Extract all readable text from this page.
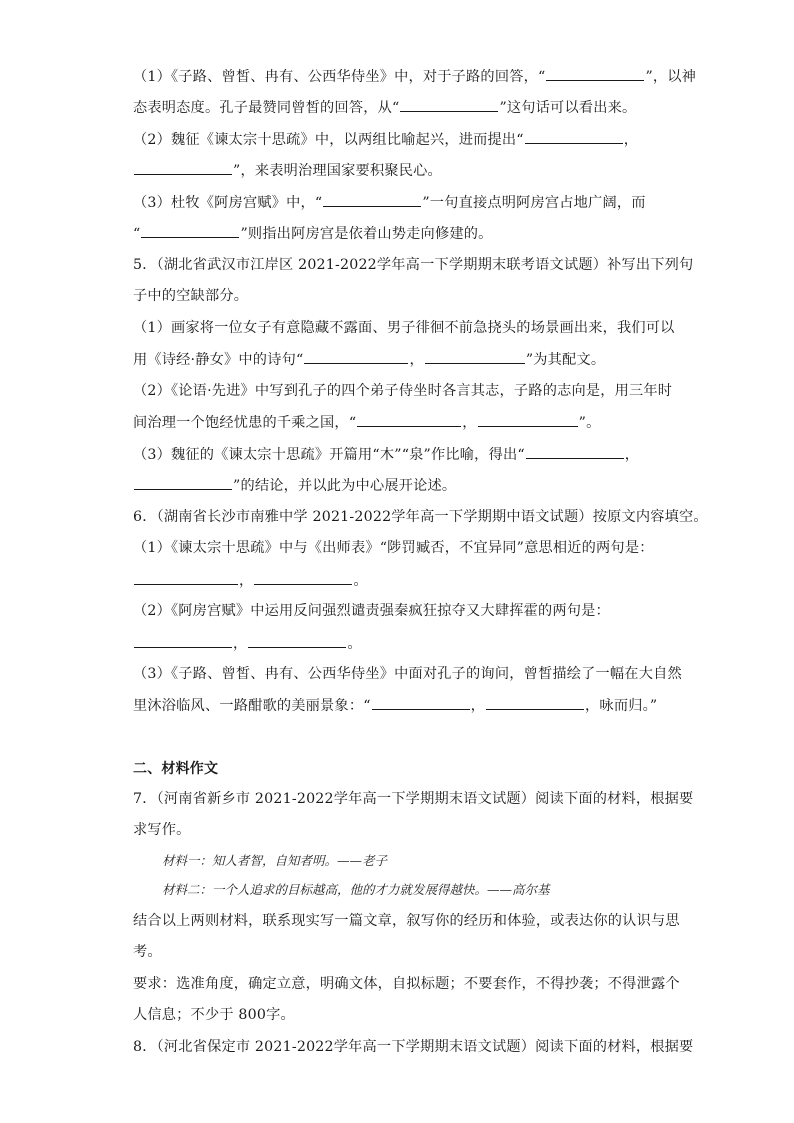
（1）《子路、曾皙、冉有、公西华侍坐》中，对于子路的回答，“	”，以神
态表明态度。孔子最赞同曾皙的回答，从“	”这句话可以看出来。
（2）魏征《谏太宗十思疏》中，以两组比喻起兴，进而提出“	，
”，来表明治理国家要积聚民心。
（3）杜牧《阿房宫赋》中，“	”一句直接点明阿房宫占地广阔，而
“	”则指出阿房宫是依着山势走向修建的。
5．（湖北省武汉市江岸区 2021-2022学年高一下学期期末联考语文试题）补写出下列句
子中的空缺部分。
（1）画家将一位女子有意隐藏不露面、男子徘徊不前急挠头的场景画出来，我们可以
用《诗经·静女》中的诗句“	，	”为其配文。
（2）《论语·先进》中写到孔子的四个弟子侍坐时各言其志，子路的志向是，用三年时
间治理一个饱经忧患的千乘之国，“	，	”。
（3）魏征的《谏太宗十思疏》开篇用“木”“泉”作比喻，得出“	，
”的结论，并以此为中心展开论述。
6．（湖南省长沙市南雅中学 2021-2022学年高一下学期期中语文试题）按原文内容填空。
（1）《谏太宗十思疏》中与《出师表》“陟罚臧否，不宜异同”意思相近的两句是：
，	。
（2）《阿房宫赋》中运用反问强烈谴责强秦疯狂掠夺又大肆挥霍的两句是：
，	。
（3）《子路、曾皙、冉有、公西华侍坐》中面对孔子的询问，曾皙描绘了一幅在大自然
里沐浴临风、一路酣歌的美丽景象：“	，	，咏而归。”
二、材料作文
7．（河南省新乡市 2021-2022学年高一下学期期末语文试题）阅读下面的材料，根据要
求写作。
材料一：知人者智，自知者明。——老子
材料二：一个人追求的目标越高，他的才力就发展得越快。——高尔基
结合以上两则材料，联系现实写一篇文章，叙写你的经历和体验，或表达你的认识与思
考。
要求：选准角度，确定立意，明确文体，自拟标题；不要套作，不得抄袭；不得泄露个
人信息；不少于 800字。
8．（河北省保定市 2021-2022学年高一下学期期末语文试题）阅读下面的材料，根据要
